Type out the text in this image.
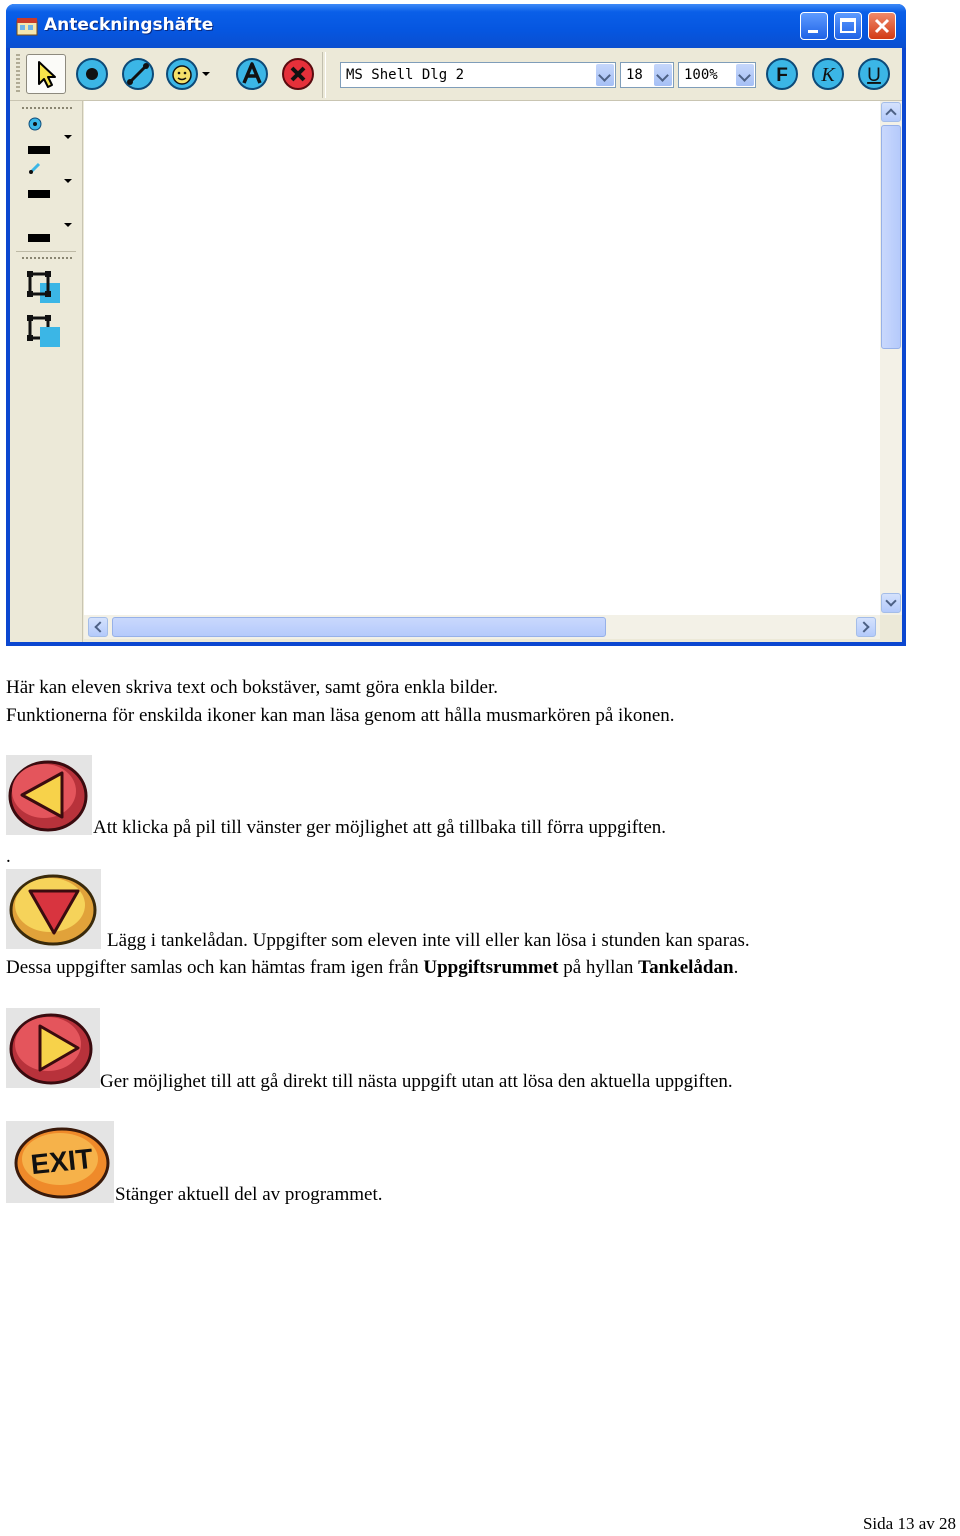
Anteckningshäfte
MS Shell Dlg 2	18	100%	F K U
Här kan eleven skriva text och bokstäver, samt göra enkla bilder.
Funktionerna för enskilda ikoner kan man läsa genom att hålla musmarkören på ikonen.
Att klicka på pil till vänster ger möjlighet att gå tillbaka till förra uppgiften.
.
Lägg i tankelådan. Uppgifter som eleven inte vill eller kan lösa i stunden kan sparas.
Dessa uppgifter samlas och kan hämtas fram igen från Uppgiftsrummet på hyllan Tankelådan.
Ger möjlighet till att gå direkt till nästa uppgift utan att lösa den aktuella uppgiften.
EXIT
Stänger aktuell del av programmet.
Sida 13 av 28
